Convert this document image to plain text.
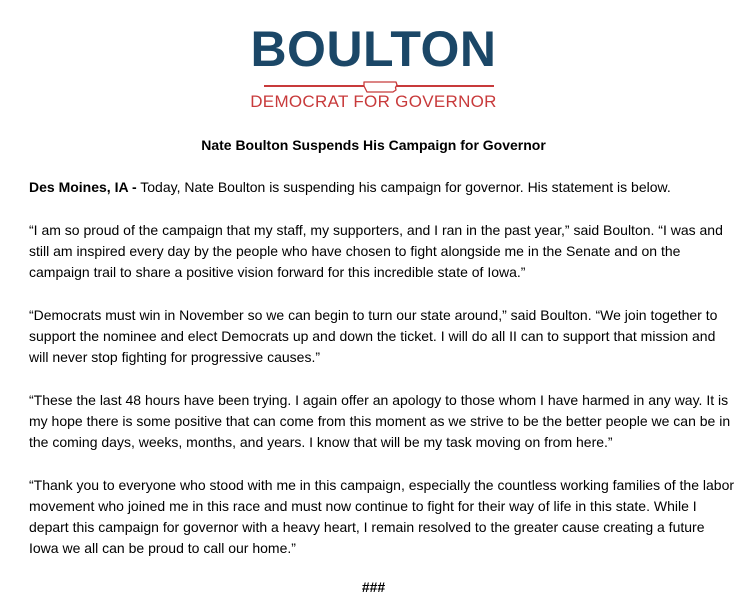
BOULTON
DEMOCRAT FOR GOVERNOR
Nate Boulton Suspends His Campaign for Governor

Des Moines, IA - Today, Nate Boulton is suspending his campaign for governor. His statement is below.

“I am so proud of the campaign that my staff, my supporters, and I ran in the past year,” said Boulton. “I was and still am inspired every day by the people who have chosen to fight alongside me in the Senate and on the campaign trail to share a positive vision forward for this incredible state of Iowa.”

“Democrats must win in November so we can begin to turn our state around,” said Boulton. “We join together to support the nominee and elect Democrats up and down the ticket. I will do all II can to support that mission and will never stop fighting for progressive causes.”

“These the last 48 hours have been trying. I again offer an apology to those whom I have harmed in any way. It is my hope there is some positive that can come from this moment as we strive to be the better people we can be in the coming days, weeks, months, and years. I know that will be my task moving on from here.”

“Thank you to everyone who stood with me in this campaign, especially the countless working families of the labor movement who joined me in this race and must now continue to fight for their way of life in this state. While I depart this campaign for governor with a heavy heart, I remain resolved to the greater cause creating a future Iowa we all can be proud to call our home.”

###
